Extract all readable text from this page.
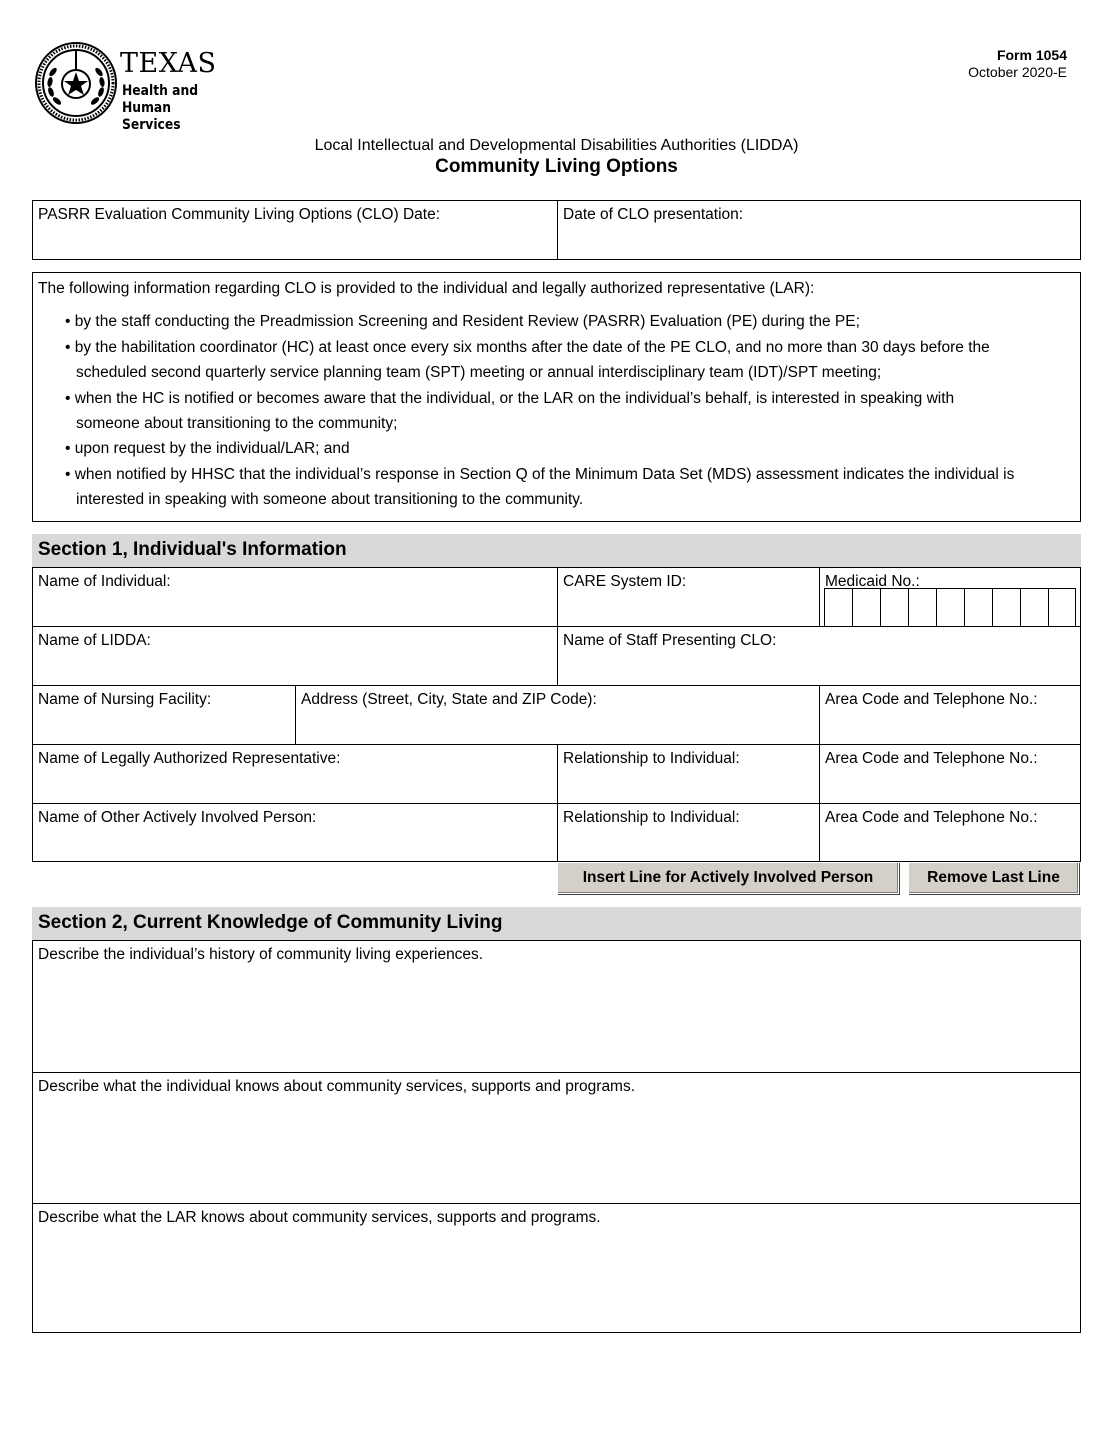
TEXAS
Health and Human
Services
Form 1054
October 2020-E
Local Intellectual and Developmental Disabilities Authorities (LIDDA)
Community Living Options
PASRR Evaluation Community Living Options (CLO) Date:	Date of CLO presentation:

The following information regarding CLO is provided to the individual and legally authorized representative (LAR):

• by the staff conducting the Preadmission Screening and Resident Review (PASRR) Evaluation (PE) during the PE;

• by the habilitation coordinator (HC) at least once every six months after the date of the PE CLO, and no more than 30 days before the

scheduled second quarterly service planning team (SPT) meeting or annual interdisciplinary team (IDT)/SPT meeting;

• when the HC is notified or becomes aware that the individual, or the LAR on the individual’s behalf, is interested in speaking with

someone about transitioning to the community;

• upon request by the individual/LAR; and

• when notified by HHSC that the individual’s response in Section Q of the Minimum Data Set (MDS) assessment indicates the individual is

interested in speaking with someone about transitioning to the community.

Section 1, Individual's Information
Name of Individual:	CARE System ID:	Medicaid No.:
Name of LIDDA:	Name of Staff Presenting CLO:
Name of Nursing Facility:	Address (Street, City, State and ZIP Code):	Area Code and Telephone No.:
Name of Legally Authorized Representative:	Relationship to Individual:	Area Code and Telephone No.:
Name of Other Actively Involved Person:	Relationship to Individual:	Area Code and Telephone No.:
Insert Line for Actively Involved Person	Remove Last Line
Section 2, Current Knowledge of Community Living
Describe the individual’s history of community living experiences.
Describe what the individual knows about community services, supports and programs.
Describe what the LAR knows about community services, supports and programs.
